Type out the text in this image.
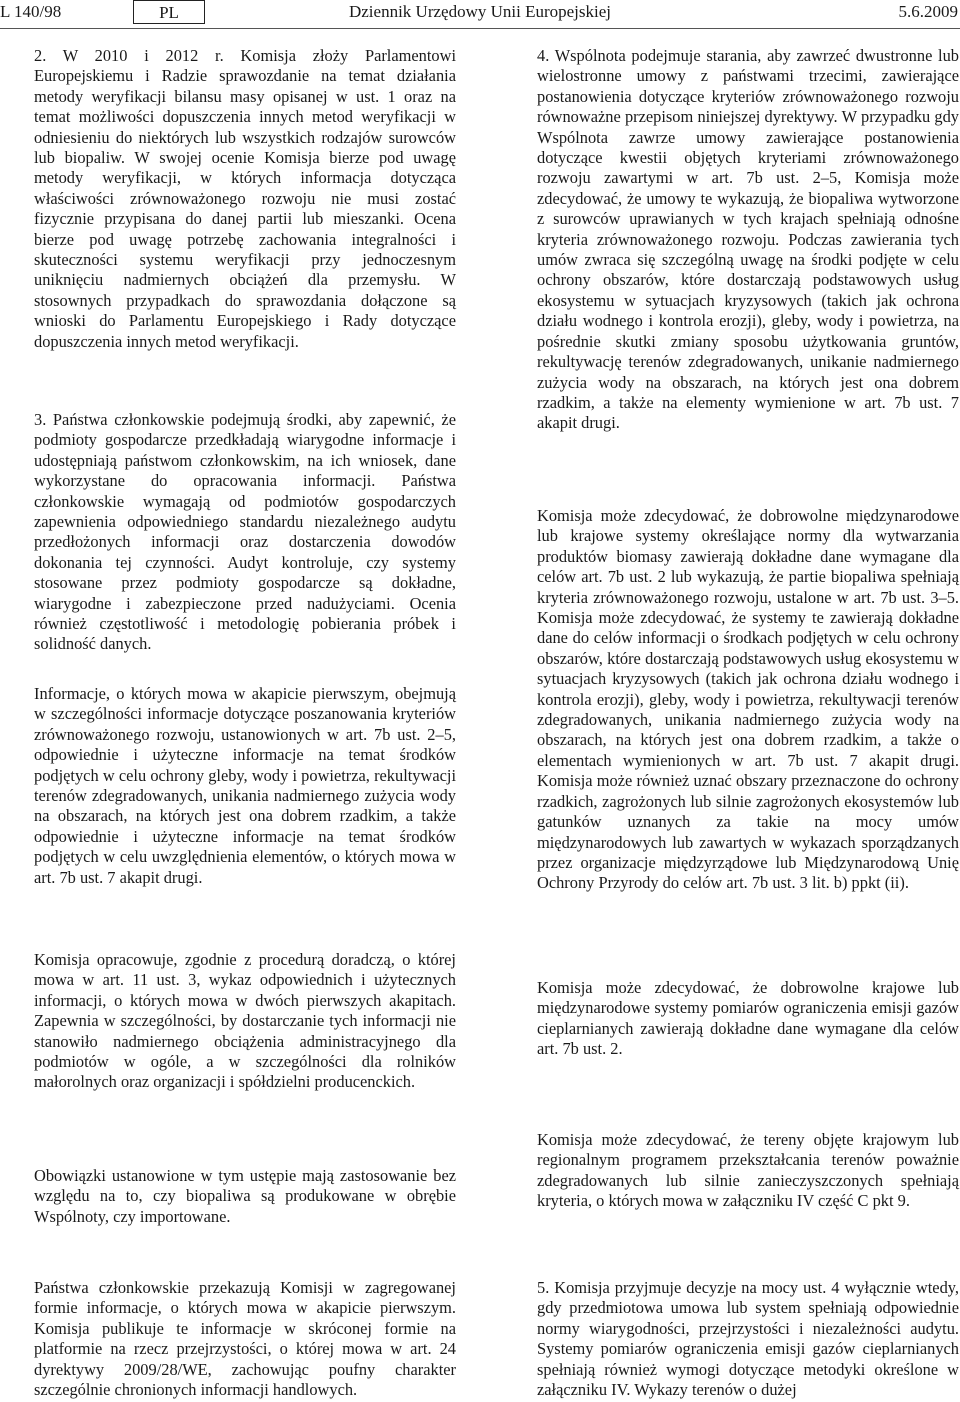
L 140/98	PL	Dziennik Urzędowy Unii Europejskiej	5.6.2009

2. W 2010 i 2012 r. Komisja złoży Parlamentowi Europejskiemu i Radzie sprawozdanie na temat działania metody weryfikacji bilansu masy opisanej w ust. 1 oraz na temat możliwości dopuszczenia innych metod weryfikacji w odniesieniu do niektórych lub wszystkich rodzajów surowców lub biopaliw. W swojej ocenie Komisja bierze pod uwagę metody weryfikacji, w których informacja dotycząca właściwości zrównoważonego rozwoju nie musi zostać fizycznie przypisana do danej partii lub mieszanki. Ocena bierze pod uwagę potrzebę zachowania integralności i skuteczności systemu weryfikacji przy jednoczesnym uniknięciu nadmiernych obciążeń dla przemysłu. W stosownych przypadkach do sprawozdania dołączone są wnioski do Parlamentu Europejskiego i Rady dotyczące dopuszczenia innych metod weryfikacji.

3. Państwa członkowskie podejmują środki, aby zapewnić, że podmioty gospodarcze przedkładają wiarygodne informacje i udostępniają państwom członkowskim, na ich wniosek, dane wykorzystane do opracowania informacji. Państwa członkowskie wymagają od podmiotów gospodarczych zapewnienia odpowiedniego standardu niezależnego audytu przedłożonych informacji oraz dostarczenia dowodów dokonania tej czynności. Audyt kontroluje, czy systemy stosowane przez podmioty gospodarcze są dokładne, wiarygodne i zabezpieczone przed nadużyciami. Ocenia również częstotliwość i metodologię pobierania próbek i solidność danych.

Informacje, o których mowa w akapicie pierwszym, obejmują w szczególności informacje dotyczące poszanowania kryteriów zrównoważonego rozwoju, ustanowionych w art. 7b ust. 2–5, odpowiednie i użyteczne informacje na temat środków podjętych w celu ochrony gleby, wody i powietrza, rekultywacji terenów zdegradowanych, unikania nadmiernego zużycia wody na obszarach, na których jest ona dobrem rzadkim, a także odpowiednie i użyteczne informacje na temat środków podjętych w celu uwzględnienia elementów, o których mowa w art. 7b ust. 7 akapit drugi.

Komisja opracowuje, zgodnie z procedurą doradczą, o której mowa w art. 11 ust. 3, wykaz odpowiednich i użytecznych informacji, o których mowa w dwóch pierwszych akapitach. Zapewnia w szczególności, by dostarczanie tych informacji nie stanowiło nadmiernego obciążenia administracyjnego dla podmiotów w ogóle, a w szczególności dla rolników małorolnych oraz organizacji i spółdzielni producenckich.

Obowiązki ustanowione w tym ustępie mają zastosowanie bez względu na to, czy biopaliwa są produkowane w obrębie Wspólnoty, czy importowane.

Państwa członkowskie przekazują Komisji w zagregowanej formie informacje, o których mowa w akapicie pierwszym. Komisja publikuje te informacje w skróconej formie na platformie na rzecz przejrzystości, o której mowa w art. 24 dyrektywy 2009/28/WE, zachowując poufny charakter szczególnie chronionych informacji handlowych.

4. Wspólnota podejmuje starania, aby zawrzeć dwustronne lub wielostronne umowy z państwami trzecimi, zawierające postanowienia dotyczące kryteriów zrównoważonego rozwoju równoważne przepisom niniejszej dyrektywy. W przypadku gdy Wspólnota zawrze umowy zawierające postanowienia dotyczące kwestii objętych kryteriami zrównoważonego rozwoju zawartymi w art. 7b ust. 2–5, Komisja może zdecydować, że umowy te wykazują, że biopaliwa wytworzone z surowców uprawianych w tych krajach spełniają odnośne kryteria zrównoważonego rozwoju. Podczas zawierania tych umów zwraca się szczególną uwagę na środki podjęte w celu ochrony obszarów, które dostarczają podstawowych usług ekosystemu w sytuacjach kryzysowych (takich jak ochrona działu wodnego i kontrola erozji), gleby, wody i powietrza, na pośrednie skutki zmiany sposobu użytkowania gruntów, rekultywację terenów zdegradowanych, unikanie nadmiernego zużycia wody na obszarach, na których jest ona dobrem rzadkim, a także na elementy wymienione w art. 7b ust. 7 akapit drugi.

Komisja może zdecydować, że dobrowolne międzynarodowe lub krajowe systemy określające normy dla wytwarzania produktów biomasy zawierają dokładne dane wymagane dla celów art. 7b ust. 2 lub wykazują, że partie biopaliwa spełniają kryteria zrównoważonego rozwoju, ustalone w art. 7b ust. 3–5. Komisja może zdecydować, że systemy te zawierają dokładne dane do celów informacji o środkach podjętych w celu ochrony obszarów, które dostarczają podstawowych usług ekosystemu w sytuacjach kryzysowych (takich jak ochrona działu wodnego i kontrola erozji), gleby, wody i powietrza, rekultywacji terenów zdegradowanych, unikania nadmiernego zużycia wody na obszarach, na których jest ona dobrem rzadkim, a także o elementach wymienionych w art. 7b ust. 7 akapit drugi. Komisja może również uznać obszary przeznaczone do ochrony rzadkich, zagrożonych lub silnie zagrożonych ekosystemów lub gatunków uznanych za takie na mocy umów międzynarodowych lub zawartych w wykazach sporządzanych przez organizacje międzyrządowe lub Międzynarodową Unię Ochrony Przyrody do celów art. 7b ust. 3 lit. b) ppkt (ii).

Komisja może zdecydować, że dobrowolne krajowe lub międzynarodowe systemy pomiarów ograniczenia emisji gazów cieplarnianych zawierają dokładne dane wymagane dla celów art. 7b ust. 2.

Komisja może zdecydować, że tereny objęte krajowym lub regionalnym programem przekształcania terenów poważnie zdegradowanych lub silnie zanieczyszczonych spełniają kryteria, o których mowa w załączniku IV część C pkt 9.

5. Komisja przyjmuje decyzje na mocy ust. 4 wyłącznie wtedy, gdy przedmiotowa umowa lub system spełniają odpowiednie normy wiarygodności, przejrzystości i niezależności audytu. Systemy pomiarów ograniczenia emisji gazów cieplarnianych spełniają również wymogi dotyczące metodyki określone w załączniku IV. Wykazy terenów o dużej
